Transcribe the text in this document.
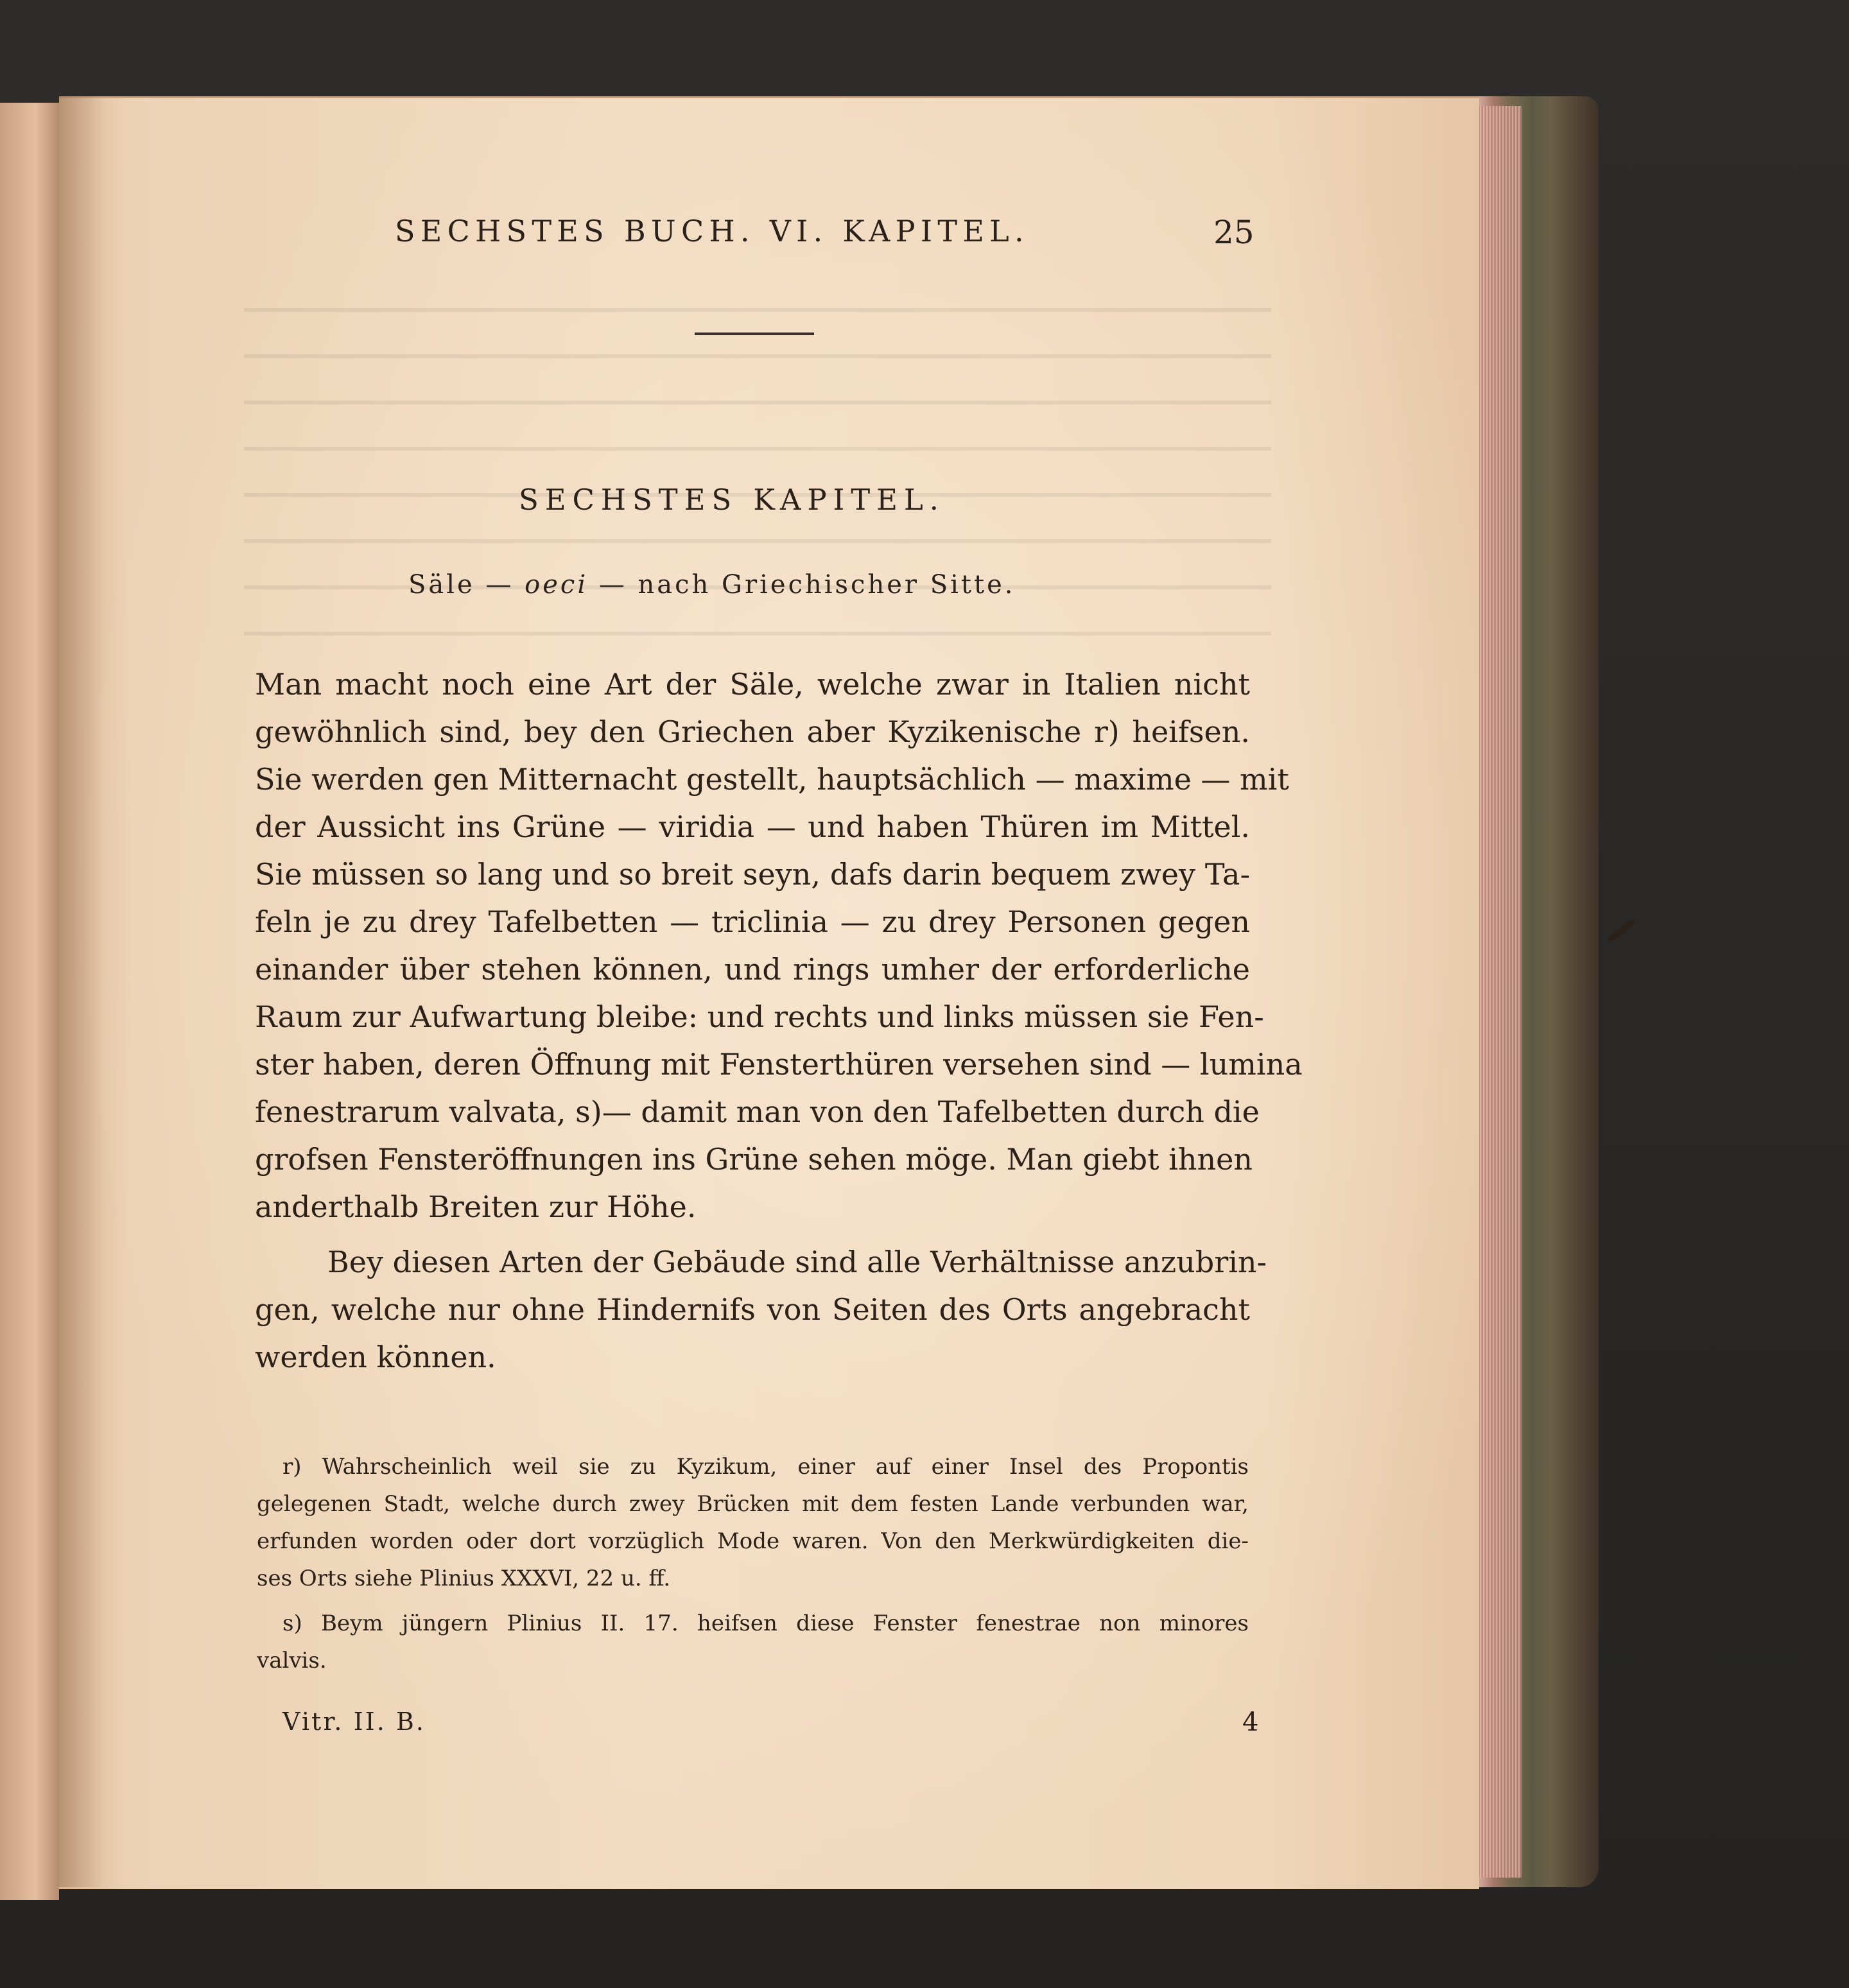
SECHSTES BUCH. VI. KAPITEL.	25
SECHSTES KAPITEL.
Säle — oeci — nach Griechischer Sitte.
Man macht noch eine Art der Säle, welche zwar in Italien nicht
gewöhnlich sind, bey den Griechen aber Kyzikenische r) heifsen.
Sie werden gen Mitternacht gestellt, hauptsächlich — maxime — mit
der Aussicht ins Grüne — viridia — und haben Thüren im Mittel.
Sie müssen so lang und so breit seyn, dafs darin bequem zwey Ta-
feln je zu drey Tafelbetten — triclinia — zu drey Personen gegen
einander über stehen können, und rings umher der erforderliche
Raum zur Aufwartung bleibe: und rechts und links müssen sie Fen-
ster haben, deren Öffnung mit Fensterthüren versehen sind — lumina
fenestrarum valvata, s)— damit man von den Tafelbetten durch die
grofsen Fensteröffnungen ins Grüne sehen möge. Man giebt ihnen
anderthalb Breiten zur Höhe.
Bey diesen Arten der Gebäude sind alle Verhältnisse anzubrin-
gen, welche nur ohne Hindernifs von Seiten des Orts angebracht
werden können.
r) Wahrscheinlich weil sie zu Kyzikum, einer auf einer Insel des Propontis
gelegenen Stadt, welche durch zwey Brücken mit dem festen Lande verbunden war,
erfunden worden oder dort vorzüglich Mode waren. Von den Merkwürdigkeiten die-
ses Orts siehe Plinius XXXVI, 22 u. ff.
s) Beym jüngern Plinius II. 17. heifsen diese Fenster fenestrae non minores
valvis.
Vitr. II. B.	4
